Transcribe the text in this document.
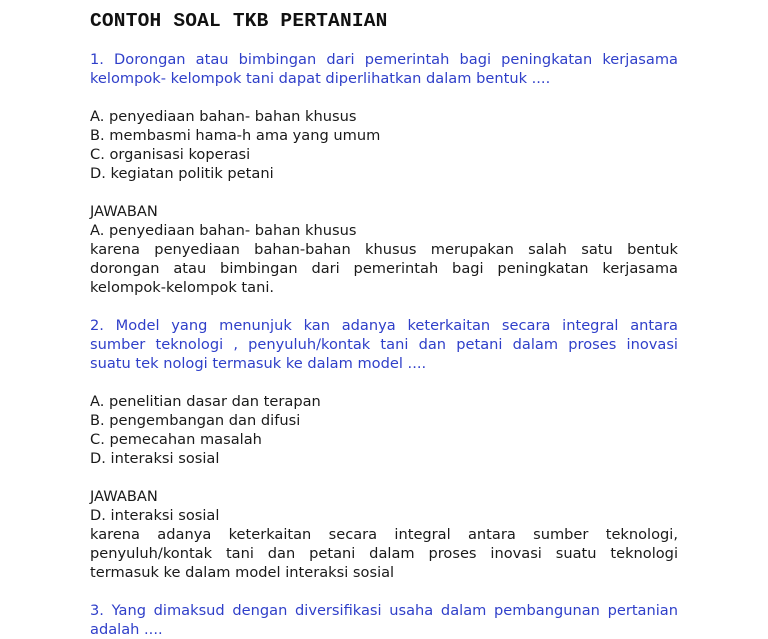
CONTOH SOAL TKB PERTANIAN

1. Dorongan atau bimbingan dari pemerintah bagi peningkatan kerjasama
kelompok- kelompok tani dapat diperlihatkan dalam bentuk ....

A. penyediaan bahan- bahan khusus

B. membasmi hama-h ama yang umum

C. organisasi koperasi

D. kegiatan politik petani

JAWABAN

A. penyediaan bahan- bahan khusus

karena penyediaan bahan-bahan khusus merupakan salah satu bentuk
dorongan atau bimbingan dari pemerintah bagi peningkatan kerjasama
kelompok-kelompok tani.

2. Model yang menunjuk kan adanya keterkaitan secara integral antara
sumber teknologi , penyuluh/kontak tani dan petani dalam proses inovasi
suatu tek nologi termasuk ke dalam model ....

A. penelitian dasar dan terapan

B. pengembangan dan difusi

C. pemecahan masalah

D. interaksi sosial

JAWABAN

D. interaksi sosial

karena adanya keterkaitan secara integral antara sumber teknologi,
penyuluh/kontak tani dan petani dalam proses inovasi suatu teknologi
termasuk ke dalam model interaksi sosial

3. Yang dimaksud dengan diversifikasi usaha dalam pembangunan pertanian
adalah ....
